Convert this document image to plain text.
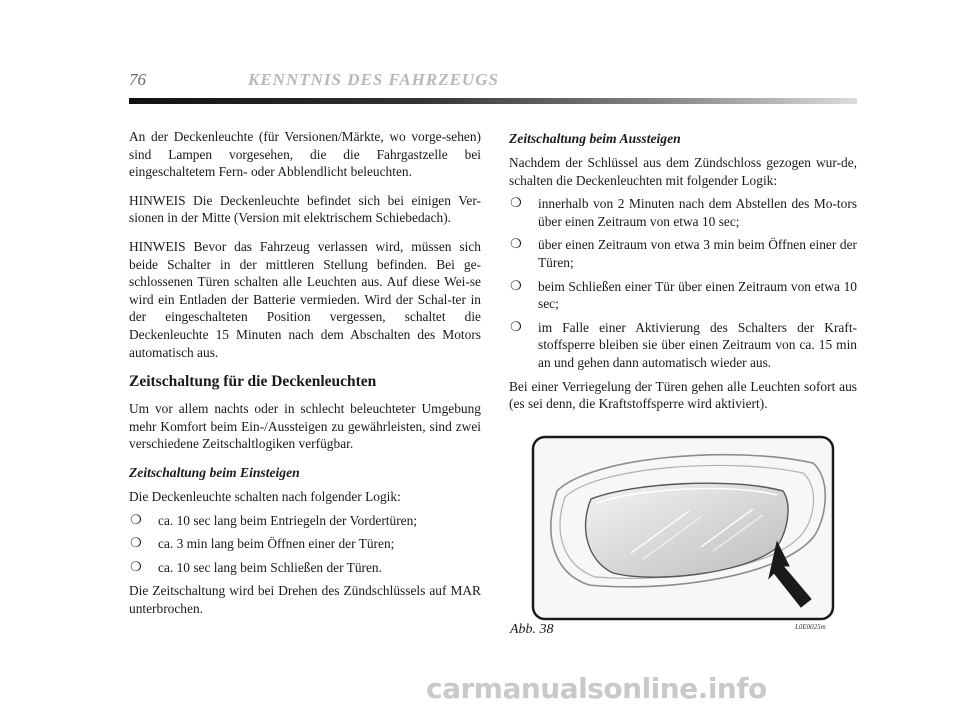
76	KENNTNIS DES FAHRZEUGS

An der Deckenleuchte (für Versionen/Märkte, wo vorge-sehen) sind Lampen vorgesehen, die die Fahrgastzelle bei eingeschaltetem Fern- oder Abblendlicht beleuchten.

HINWEIS Die Deckenleuchte befindet sich bei einigen Ver-sionen in der Mitte (Version mit elektrischem Schiebedach).

HINWEIS Bevor das Fahrzeug verlassen wird, müssen sich beide Schalter in der mittleren Stellung befinden. Bei ge-schlossenen Türen schalten alle Leuchten aus. Auf diese Wei-se wird ein Entladen der Batterie vermieden. Wird der Schal-ter in der eingeschalteten Position vergessen, schaltet die Deckenleuchte 15 Minuten nach dem Abschalten des Motors automatisch aus.

Zeitschaltung für die Deckenleuchten

Um vor allem nachts oder in schlecht beleuchteter Umgebung mehr Komfort beim Ein-/Aussteigen zu gewährleisten, sind zwei verschiedene Zeitschaltlogiken verfügbar.

Zeitschaltung beim Einsteigen

Die Deckenleuchte schalten nach folgender Logik:

❍ ca. 10 sec lang beim Entriegeln der Vordertüren;
❍ ca. 3 min lang beim Öffnen einer der Türen;
❍ ca. 10 sec lang beim Schließen der Türen.

Die Zeitschaltung wird bei Drehen des Zündschlüssels auf MAR unterbrochen.

Zeitschaltung beim Aussteigen

Nachdem der Schlüssel aus dem Zündschloss gezogen wur-de, schalten die Deckenleuchten mit folgender Logik:

❍ innerhalb von 2 Minuten nach dem Abstellen des Mo-tors über einen Zeitraum von etwa 10 sec;
❍ über einen Zeitraum von etwa 3 min beim Öffnen einer der Türen;
❍ beim Schließen einer Tür über einen Zeitraum von etwa 10 sec;
❍ im Falle einer Aktivierung des Schalters der Kraft-stoffsperre bleiben sie über einen Zeitraum von ca. 15 min an und gehen dann automatisch wieder aus.

Bei einer Verriegelung der Türen gehen alle Leuchten sofort aus (es sei denn, die Kraftstoffsperre wird aktiviert).

Abb. 38	L0E0025m
carmanualsonline.info
